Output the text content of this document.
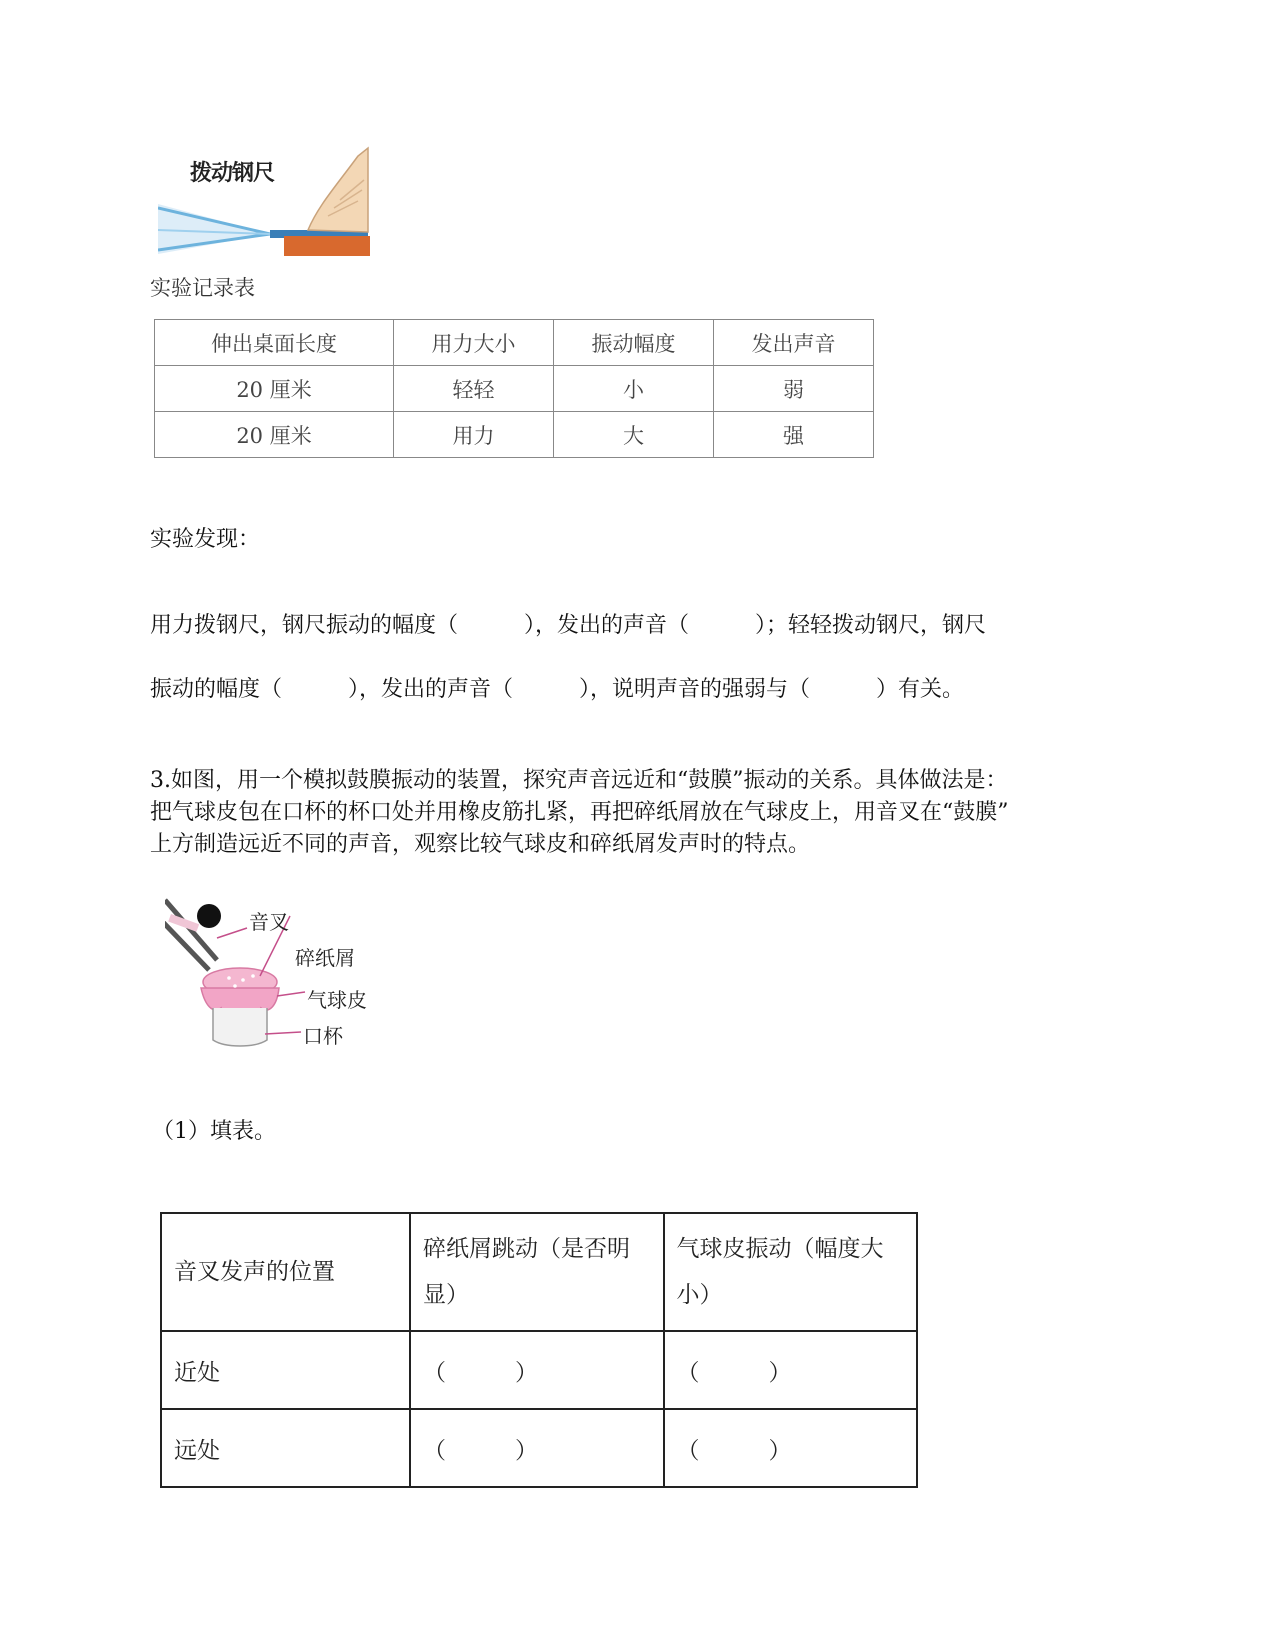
拨动钢尺
实验记录表
伸出桌面长度	用力大小	振动幅度	发出声音
20 厘米	轻轻	小	弱
20 厘米	用力	大	强
实验发现：
用力拨钢尺，钢尺振动的幅度（　　　），发出的声音（　　　）；轻轻拨动钢尺，钢尺
振动的幅度（　　　），发出的声音（　　　），说明声音的强弱与（　　　）有关。

3.如图，用一个模拟鼓膜振动的装置，探究声音远近和“鼓膜”振动的关系。具体做法是：

把气球皮包在口杯的杯口处并用橡皮筋扎紧，再把碎纸屑放在气球皮上，用音叉在“鼓膜”

上方制造远近不同的声音，观察比较气球皮和碎纸屑发声时的特点。

音叉
碎纸屑
气球皮
口杯
（1）填表。
音叉发声的位置	碎纸屑跳动（是否明显）	气球皮振动（幅度大小）
近处	（　　　）	（　　　）
远处	（　　　）	（　　　）
